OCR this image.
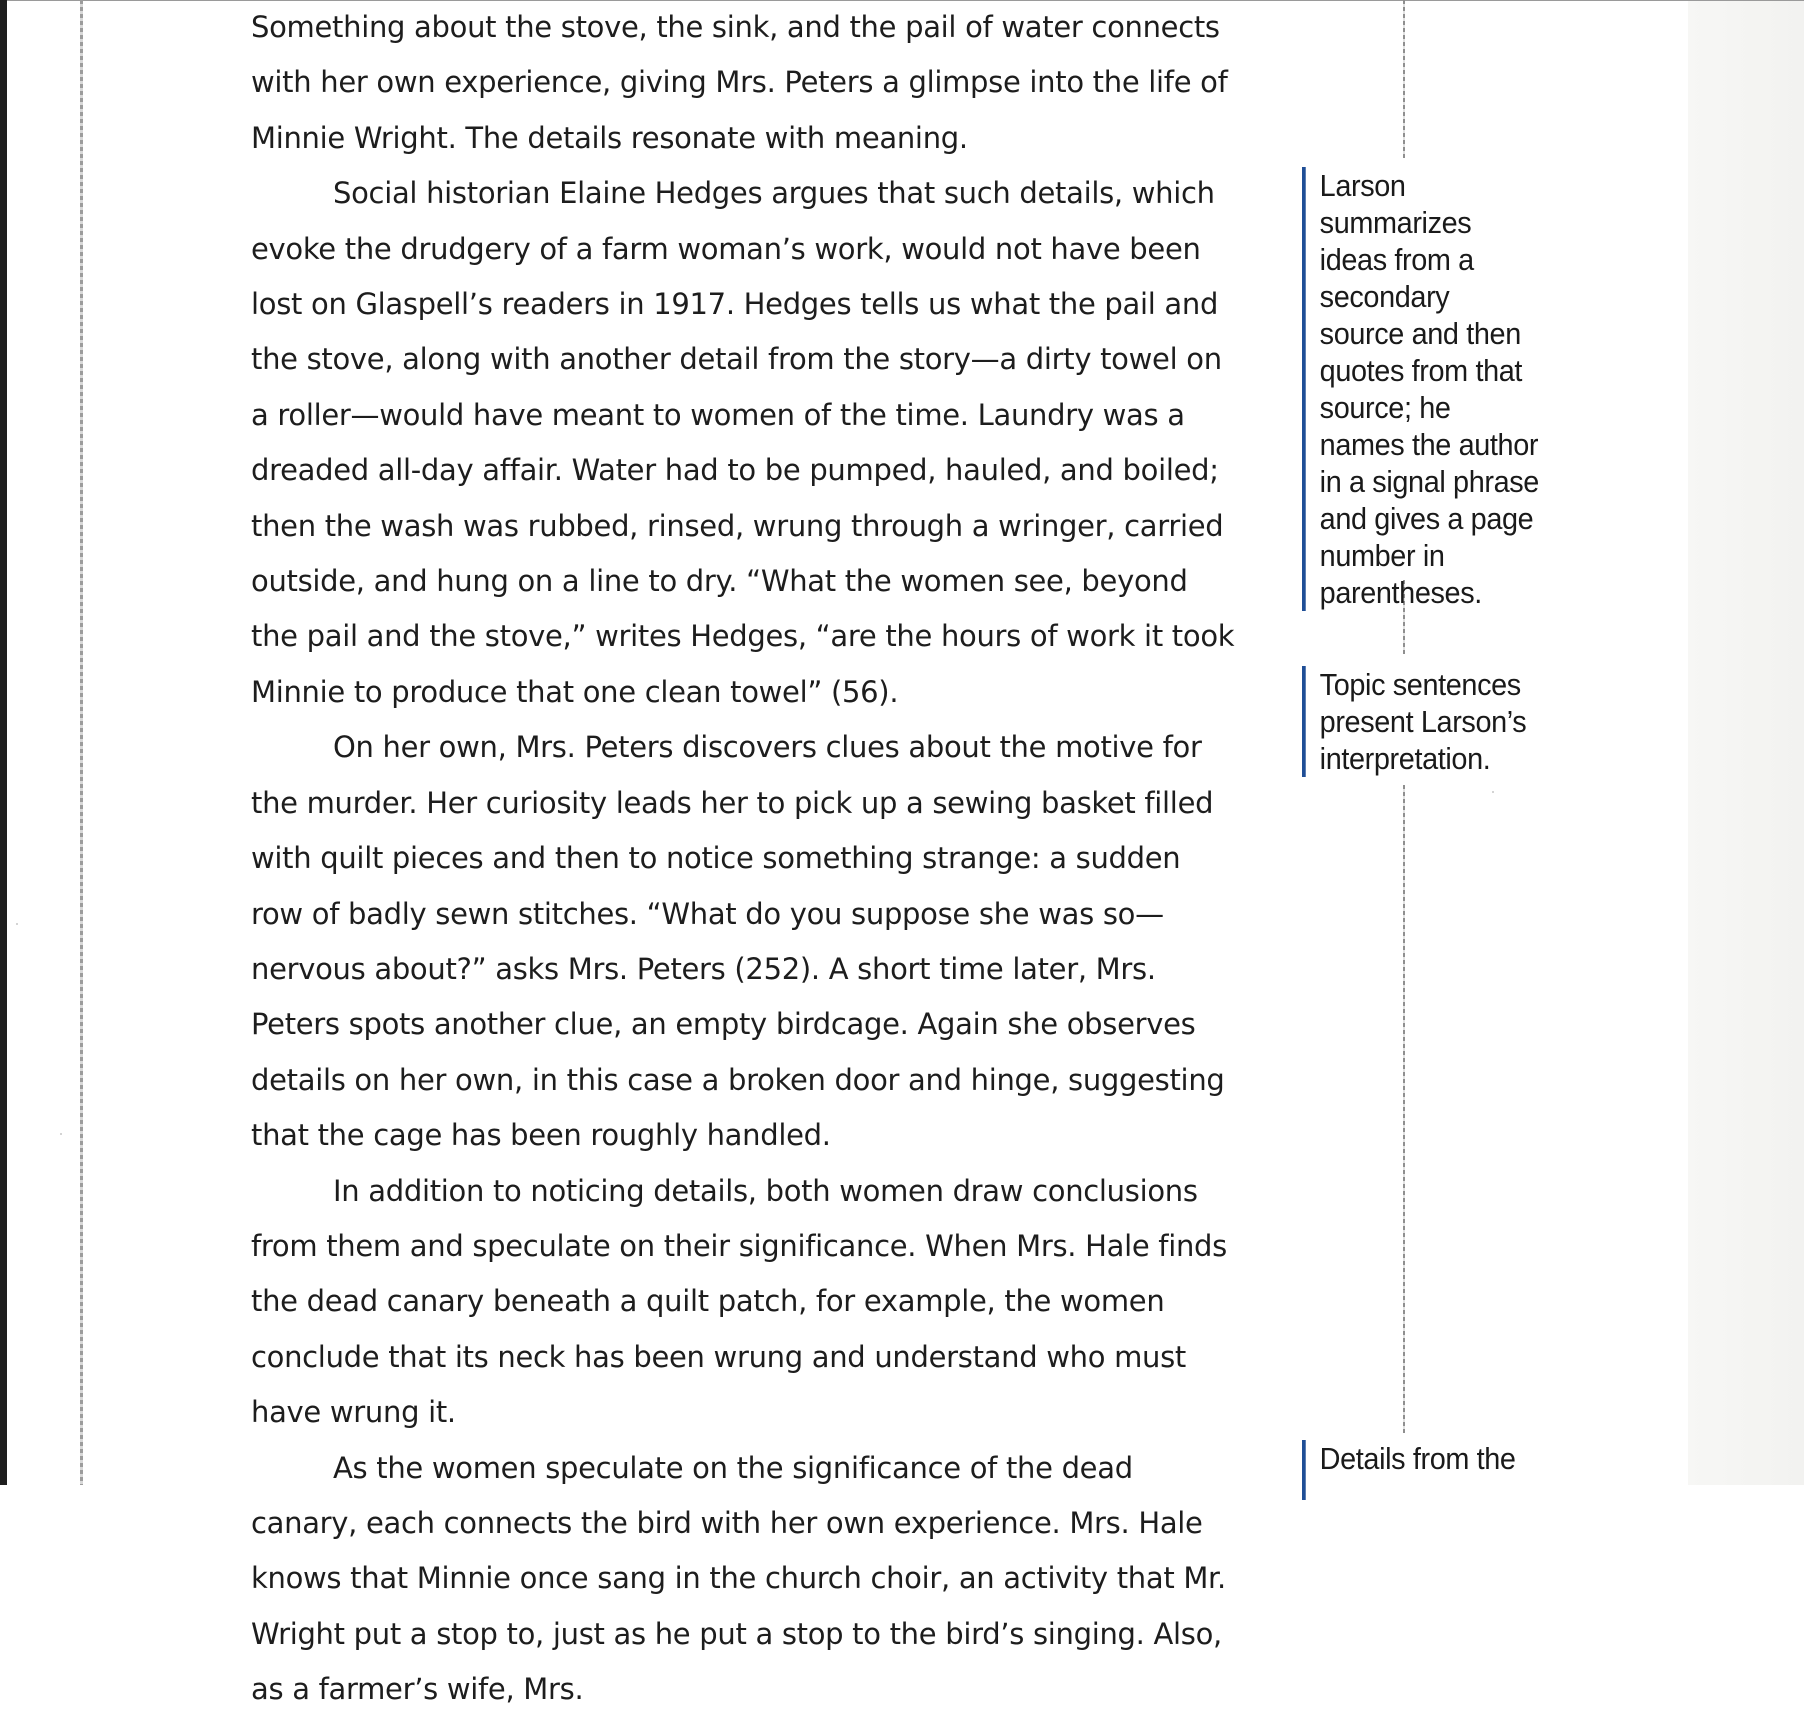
Something about the stove, the sink, and the pail of water connects with her own experience, giving Mrs. Peters a glimpse into the life of Minnie Wright. The details resonate with meaning.

Social historian Elaine Hedges argues that such details, which evoke the drudgery of a farm woman’s work, would not have been lost on Glaspell’s readers in 1917. Hedges tells us what the pail and the stove, along with another detail from the story—a dirty towel on a roller—would have meant to women of the time. Laundry was a dreaded all-day affair. Water had to be pumped, hauled, and boiled; then the wash was rubbed, rinsed, wrung through a wringer, carried outside, and hung on a line to dry. “What the women see, beyond the pail and the stove,” writes Hedges, “are the hours of work it took Minnie to produce that one clean towel” (56).

On her own, Mrs. Peters discovers clues about the motive for the murder. Her curiosity leads her to pick up a sewing basket filled with quilt pieces and then to notice something strange: a sudden row of badly sewn stitches. “What do you suppose she was so—nervous about?” asks Mrs. Peters (252). A short time later, Mrs. Peters spots another clue, an empty birdcage. Again she observes details on her own, in this case a broken door and hinge, suggesting that the cage has been roughly handled.

In addition to noticing details, both women draw conclusions from them and speculate on their significance. When Mrs. Hale finds the dead canary beneath a quilt patch, for example, the women conclude that its neck has been wrung and understand who must have wrung it.

As the women speculate on the significance of the dead canary, each connects the bird with her own experience. Mrs. Hale knows that Minnie once sang in the church choir, an activity that Mr. Wright put a stop to, just as he put a stop to the bird’s singing. Also, as a farmer’s wife, Mrs.

Larson summarizes ideas from a secondary source and then quotes from that source; he names the author in a signal phrase and gives a page number in parentheses.
Topic sentences present Larson’s interpretation.
Details from the
